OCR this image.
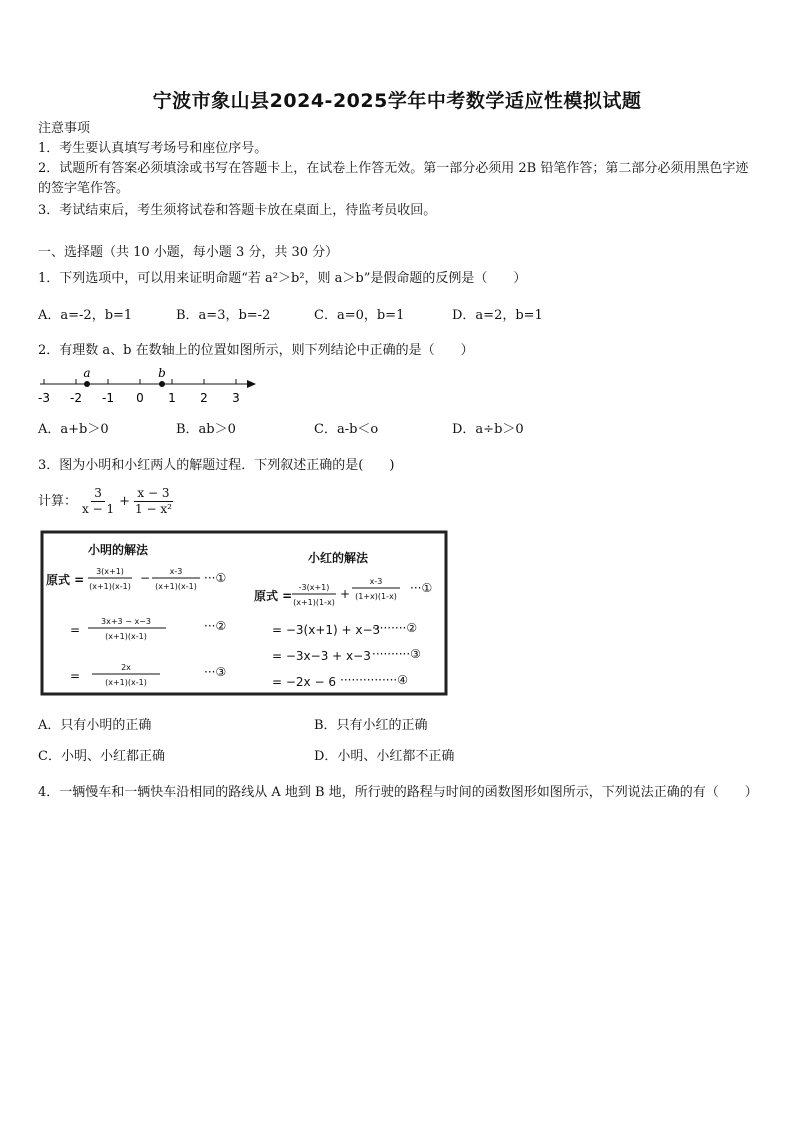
宁波市象山县2024-2025学年中考数学适应性模拟试题
注意事项
1．考生要认真填写考场号和座位序号。
2．试题所有答案必须填涂或书写在答题卡上，在试卷上作答无效。第一部分必须用 2B 铅笔作答；第二部分必须用黑色字迹的签字笔作答。
3．考试结束后，考生须将试卷和答题卡放在桌面上，待监考员收回。
一、选择题（共 10 小题，每小题 3 分，共 30 分）
1．下列选项中，可以用来证明命题“若 a²＞b²，则 a＞b”是假命题的反例是（　　）
A．a=-2，b=1	B．a=3，b=-2	C．a=0，b=1	D．a=2，b=1
2．有理数 a、b 在数轴上的位置如图所示，则下列结论中正确的是（　　）
a	b
-3 -2 -1 0 1 2 3
A．a+b＞0	B．ab＞0	C．a-b＜o	D．a÷b＞0
3．图为小明和小红两人的解题过程．下列叙述正确的是(　　)
计算： $\frac{3}{x - 1} + \frac{x - 3}{\text{1 − x²}}$
小明的解法
原式 =
3(x+1)
(x+1)(x-1)
− x-3
(x+1)(x-1)
···①
=
3x+3 − x−3
(x+1)(x-1)
···②
=
2x
(x+1)(x-1)
···③
小红的解法
原式 =
-3(x+1)
(x+1)(1-x)
+
x-3
(1+x)(1-x)
···①
= −3(x+1) + x−3
·········②
= −3x−3 + x−3 ··········③
= −2x − 6 ···············④
A．只有小明的正确	B．只有小红的正确
C．小明、小红都正确	D．小明、小红都不正确
4．一辆慢车和一辆快车沿相同的路线从 A 地到 B 地，所行驶的路程与时间的函数图形如图所示，下列说法正确的有（　　）
